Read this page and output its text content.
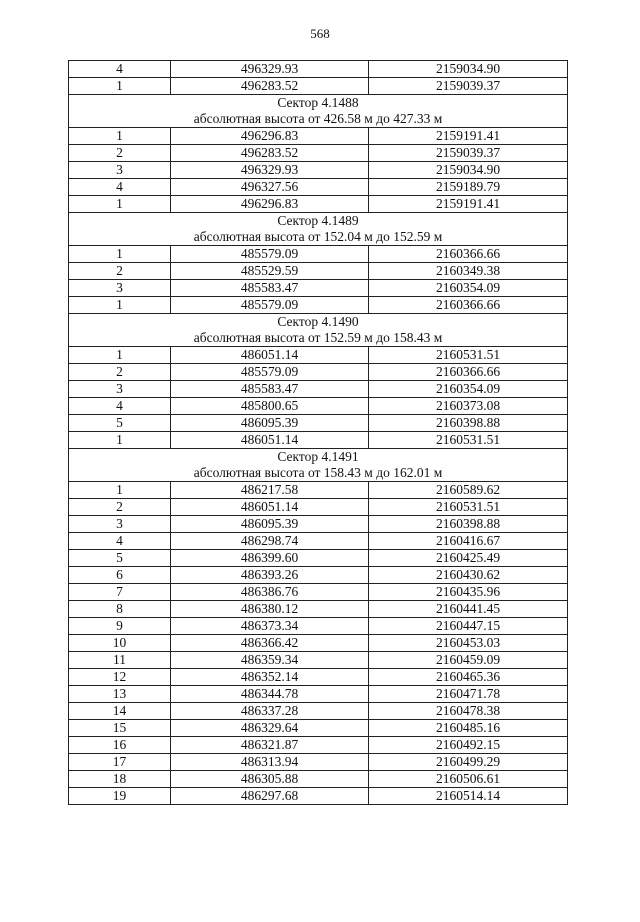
568
4	496329.93	2159034.90
1	496283.52	2159039.37
Сектор 4.1488		
абсолютная высота от 426.58 м до 427.33 м		
1	496296.83	2159191.41
2	496283.52	2159039.37
3	496329.93	2159034.90
4	496327.56	2159189.79
1	496296.83	2159191.41
Сектор 4.1489		
абсолютная высота от 152.04 м до 152.59 м		
1	485579.09	2160366.66
2	485529.59	2160349.38
3	485583.47	2160354.09
1	485579.09	2160366.66
Сектор 4.1490		
абсолютная высота от 152.59 м до 158.43 м		
1	486051.14	2160531.51
2	485579.09	2160366.66
3	485583.47	2160354.09
4	485800.65	2160373.08
5	486095.39	2160398.88
1	486051.14	2160531.51
Сектор 4.1491		
абсолютная высота от 158.43 м до 162.01 м		
1	486217.58	2160589.62
2	486051.14	2160531.51
3	486095.39	2160398.88
4	486298.74	2160416.67
5	486399.60	2160425.49
6	486393.26	2160430.62
7	486386.76	2160435.96
8	486380.12	2160441.45
9	486373.34	2160447.15
10	486366.42	2160453.03
11	486359.34	2160459.09
12	486352.14	2160465.36
13	486344.78	2160471.78
14	486337.28	2160478.38
15	486329.64	2160485.16
16	486321.87	2160492.15
17	486313.94	2160499.29
18	486305.88	2160506.61
19	486297.68	2160514.14
